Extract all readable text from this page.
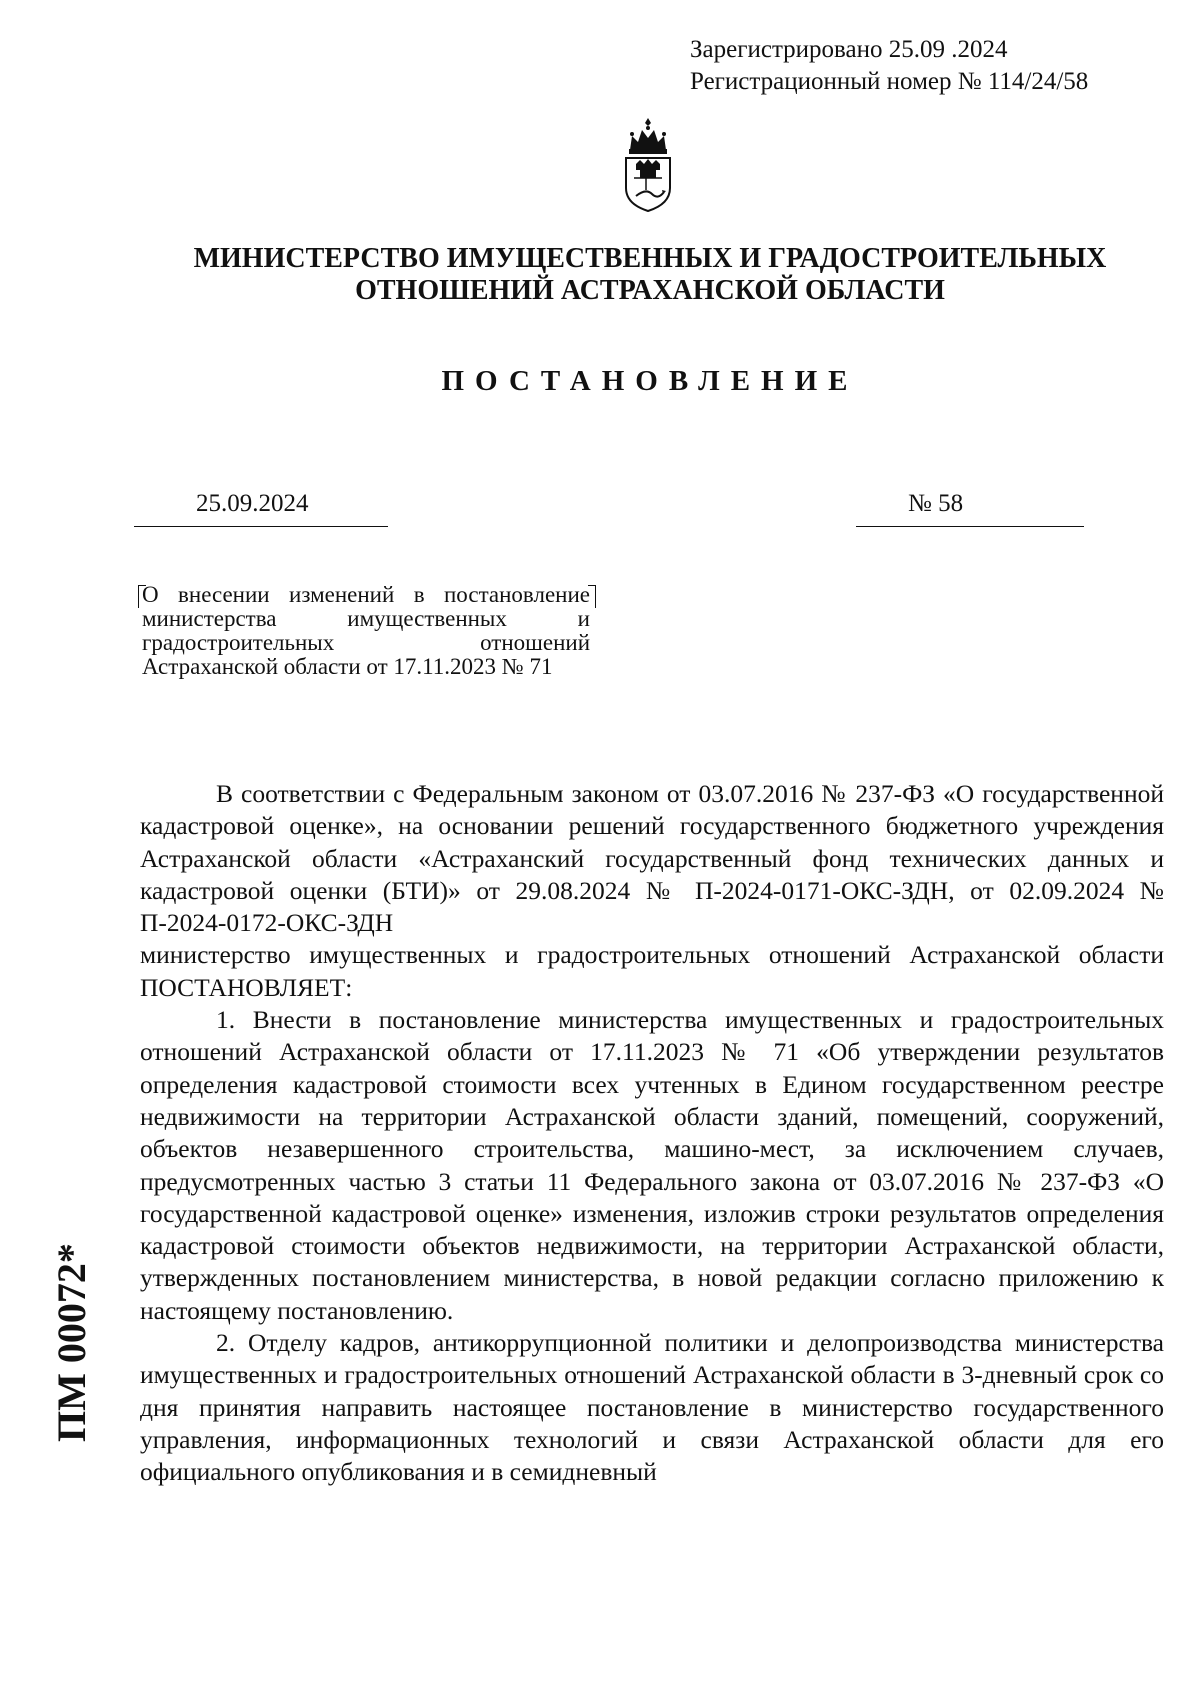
Зарегистрировано 25.09 .2024
Регистрационный номер № 114/24/58
МИНИСТЕРСТВО ИМУЩЕСТВЕННЫХ И ГРАДОСТРОИТЕЛЬНЫХ
ОТНОШЕНИЙ АСТРАХАНСКОЙ ОБЛАСТИ
ПОСТАНОВЛЕНИЕ
25.09.2024	№ 58
О внесении изменений в постановление министерства имущественных и градостроительных отношений Астраханской области от 17.11.2023 № 71

В соответствии с Федеральным законом от 03.07.2016 № 237-ФЗ «О государственной кадастровой оценке», на основании решений государственного бюджетного учреждения Астраханской области «Астраханский государственный фонд технических данных и кадастровой оценки (БТИ)» от 29.08.2024 № П-2024-0171-ОКС-ЗДН, от 02.09.2024 № П-2024-0172-ОКС-ЗДН

министерство имущественных и градостроительных отношений Астраханской области ПОСТАНОВЛЯЕТ:

1. Внести в постановление министерства имущественных и градостроительных отношений Астраханской области от 17.11.2023 № 71 «Об утверждении результатов определения кадастровой стоимости всех учтенных в Едином государственном реестре недвижимости на территории Астраханской области зданий, помещений, сооружений, объектов незавершенного строительства, машино-мест, за исключением случаев, предусмотренных частью 3 статьи 11 Федерального закона от 03.07.2016 № 237-ФЗ «О государственной кадастровой оценке» изменения, изложив строки результатов определения кадастровой стоимости объектов недвижимости, на территории Астраханской области, утвержденных постановлением министерства, в новой редакции согласно приложению к настоящему постановлению.

2. Отделу кадров, антикоррупционной политики и делопроизводства министерства имущественных и градостроительных отношений Астраханской области в 3-дневный срок со дня принятия направить настоящее постановление в министерство государственного управления, информационных технологий и связи Астраханской области для его официального опубликования и в семидневный

ПМ 00072*
